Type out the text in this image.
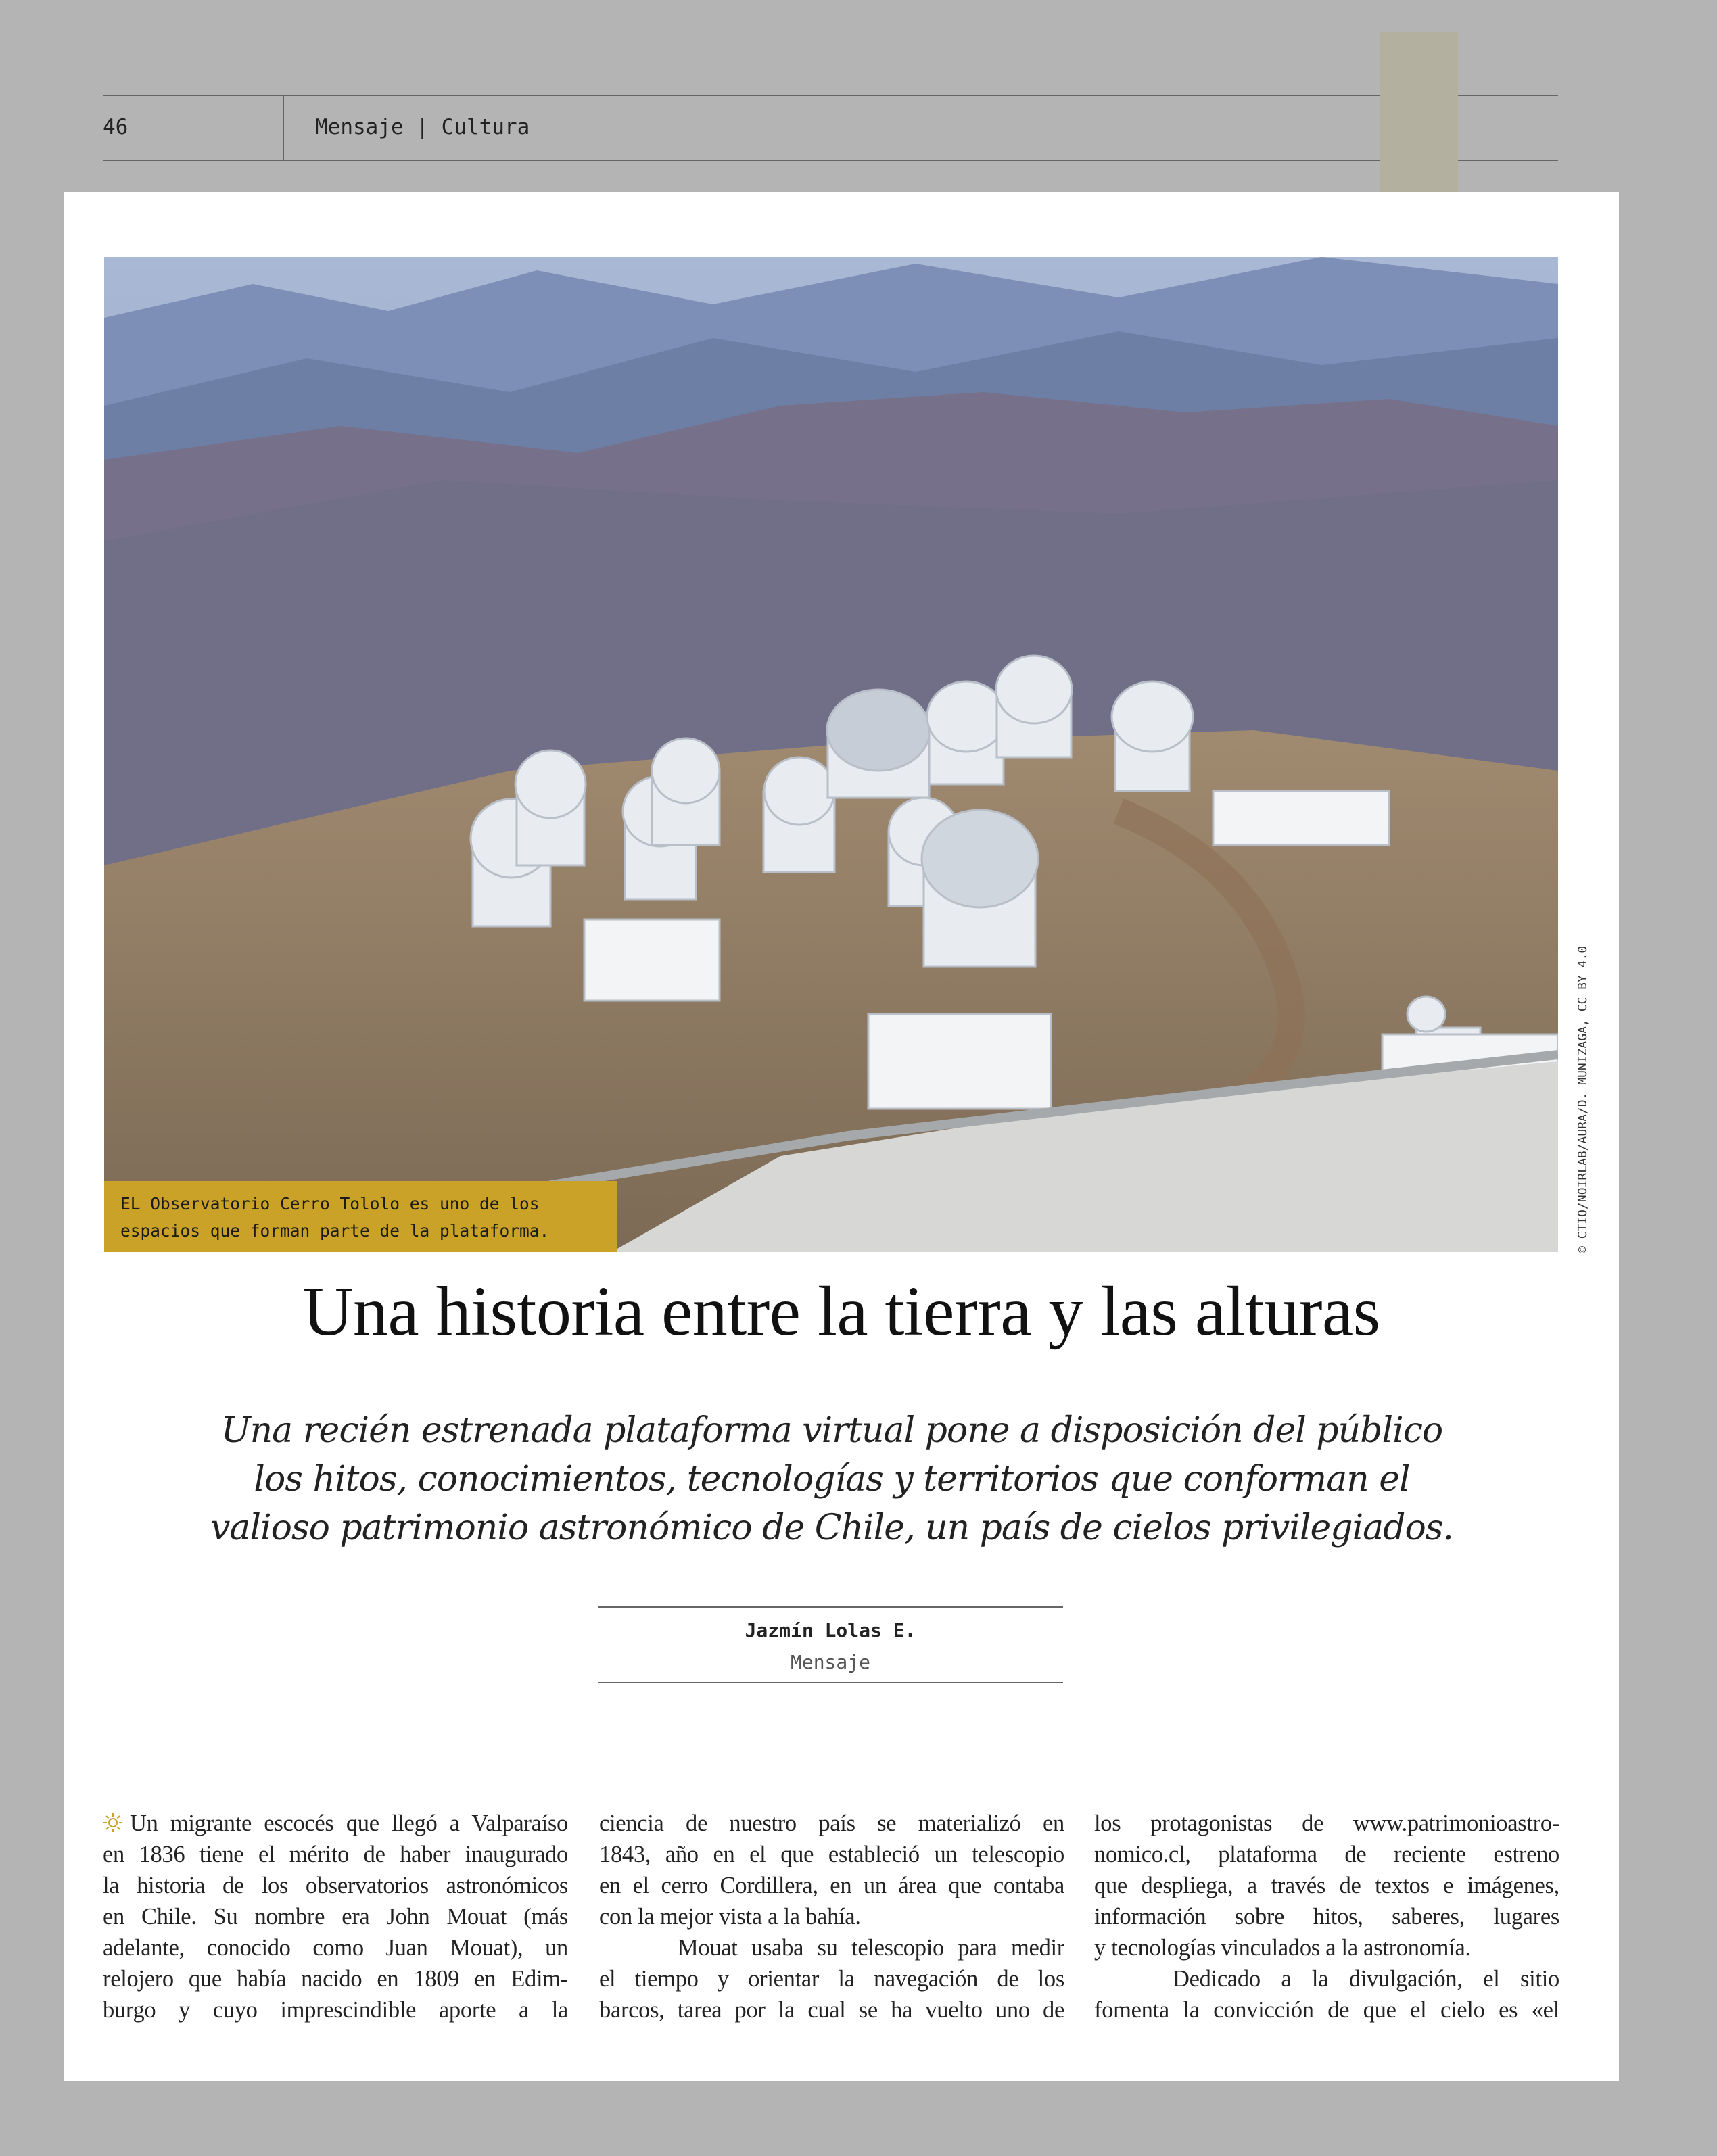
46	Mensaje | Cultura
EL Observatorio Cerro Tololo es uno de los
espacios que forman parte de la plataforma.	© CTIO/NOIRLAB/AURA/D. MUNIZAGA, CC BY 4.0
Una historia entre la tierra y las alturas

Una recién estrenada plataforma virtual pone a disposición del público
los hitos, conocimientos, tecnologías y territorios que conforman el
valioso patrimonio astronómico de Chile, un país de cielos privilegiados.

Jazmín Lolas E.
Mensaje
Un migrante escocés que llegó a Valparaíso
en 1836 tiene el mérito de haber inaugurado
la historia de los observatorios astronómicos
en Chile. Su nombre era John Mouat (más
adelante, conocido como Juan Mouat), un
relojero que había nacido en 1809 en Edim-
burgo y cuyo imprescindible aporte a la
ciencia de nuestro país se materializó en
1843, año en el que estableció un telescopio
en el cerro Cordillera, en un área que contaba
con la mejor vista a la bahía.
Mouat usaba su telescopio para medir
el tiempo y orientar la navegación de los
barcos, tarea por la cual se ha vuelto uno de
los protagonistas de www.patrimonioastro-
nomico.cl, plataforma de reciente estreno
que despliega, a través de textos e imágenes,
información sobre hitos, saberes, lugares
y tecnologías vinculados a la astronomía.
Dedicado a la divulgación, el sitio
fomenta la convicción de que el cielo es «el
